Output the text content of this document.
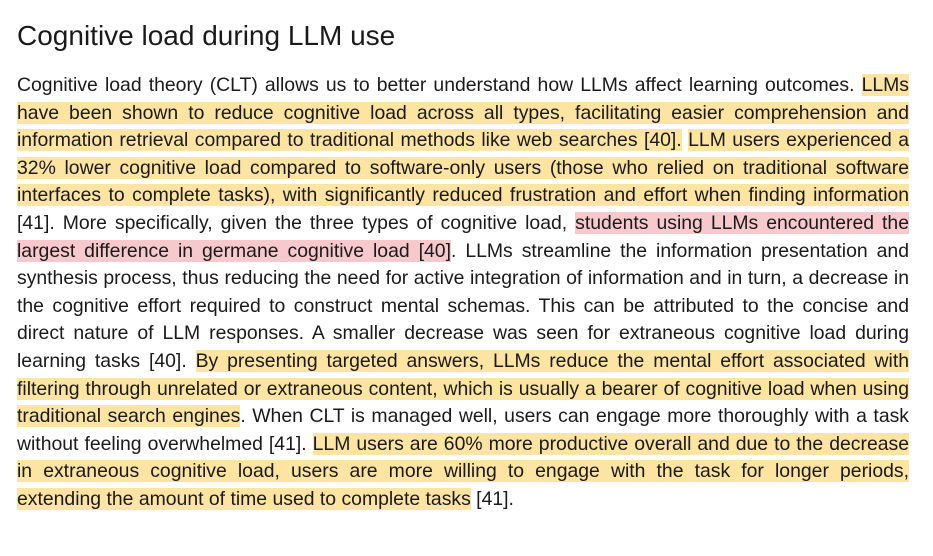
Cognitive load during LLM use

Cognitive load theory (CLT) allows us to better understand how LLMs affect learning outcomes. LLMs have been shown to reduce cognitive load across all types, facilitating easier comprehension and information retrieval compared to traditional methods like web searches [40]. LLM users experienced a 32% lower cognitive load compared to software-only users (those who relied on traditional software interfaces to complete tasks), with significantly reduced frustration and effort when finding information [41]. More specifically, given the three types of cognitive load, students using LLMs encountered the largest difference in germane cognitive load [40]. LLMs streamline the information presentation and synthesis process, thus reducing the need for active integration of information and in turn, a decrease in the cognitive effort required to construct mental schemas. This can be attributed to the concise and direct nature of LLM responses. A smaller decrease was seen for extraneous cognitive load during learning tasks [40]. By presenting targeted answers, LLMs reduce the mental effort associated with filtering through unrelated or extraneous content, which is usually a bearer of cognitive load when using traditional search engines. When CLT is managed well, users can engage more thoroughly with a task without feeling overwhelmed [41]. LLM users are 60% more productive overall and due to the decrease in extraneous cognitive load, users are more willing to engage with the task for longer periods, extending the amount of time used to complete tasks [41].
